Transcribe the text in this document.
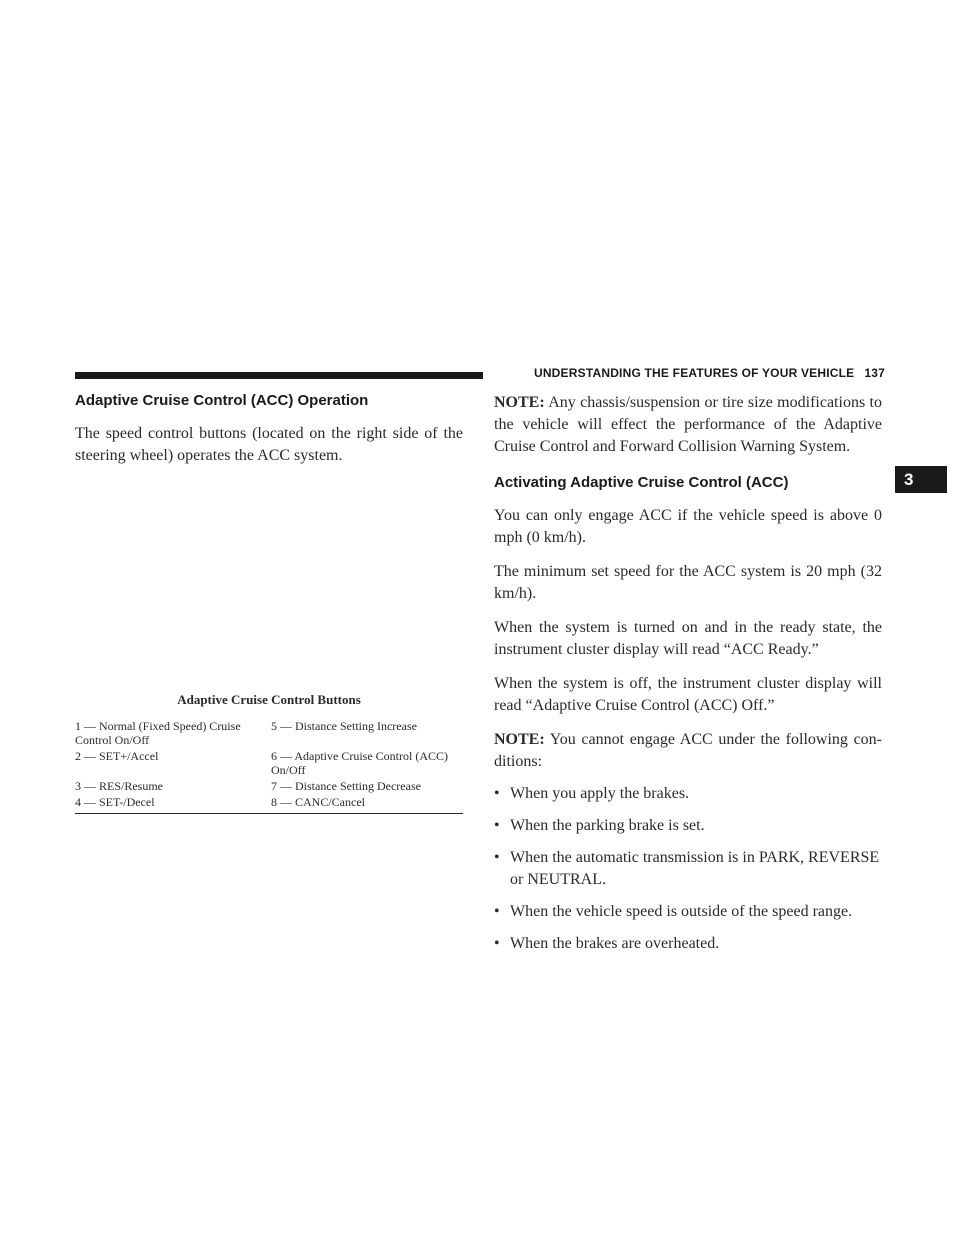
UNDERSTANDING THE FEATURES OF YOUR VEHICLE 137
3
Adaptive Cruise Control (ACC) Operation

The speed control buttons (located on the right side of the steering wheel) operates the ACC system.

Adaptive Cruise Control Buttons

1 — Normal (Fixed Speed) Cruise Control On/Off	5 — Distance Setting Increase
2 — SET+/Accel	6 — Adaptive Cruise Control (ACC) On/Off
3 — RES/Resume	7 — Distance Setting Decrease
4 — SET-/Decel	8 — CANC/Cancel

NOTE: Any chassis/suspension or tire size modifications to the vehicle will effect the performance of the Adaptive Cruise Control and Forward Collision Warning System.

Activating Adaptive Cruise Control (ACC)

You can only engage ACC if the vehicle speed is above 0 mph (0 km/h).

The minimum set speed for the ACC system is 20 mph (32 km/h).

When the system is turned on and in the ready state, the instrument cluster display will read “ACC Ready.”

When the system is off, the instrument cluster display will read “Adaptive Cruise Control (ACC) Off.”

NOTE: You cannot engage ACC under the following con- ditions:

• When you apply the brakes.
• When the parking brake is set.
• When the automatic transmission is in PARK, REVERSE or NEUTRAL.
• When the vehicle speed is outside of the speed range.
• When the brakes are overheated.
